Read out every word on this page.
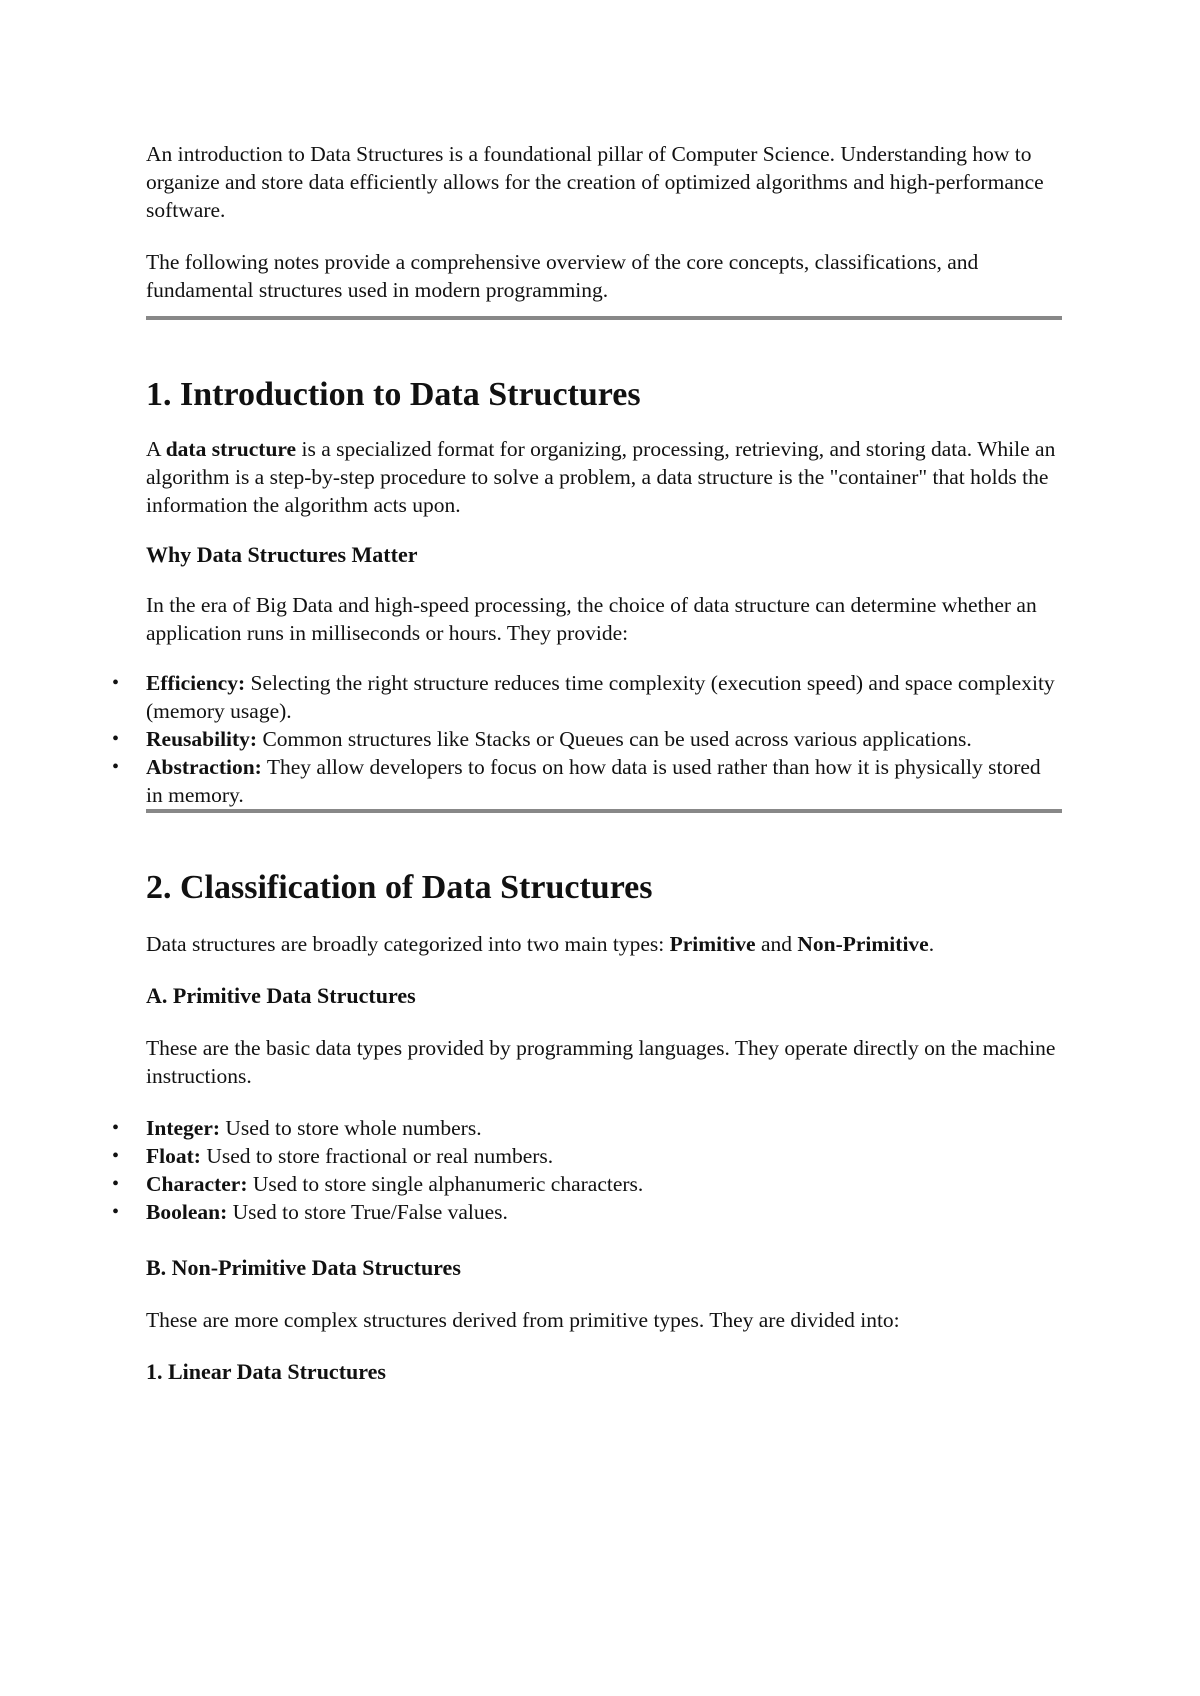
An introduction to Data Structures is a foundational pillar of Computer Science. Understanding how to organize and store data efficiently allows for the creation of optimized algorithms and high-performance software.

The following notes provide a comprehensive overview of the core concepts, classifications, and fundamental structures used in modern programming.

1. Introduction to Data Structures

A data structure is a specialized format for organizing, processing, retrieving, and storing data. While an algorithm is a step-by-step procedure to solve a problem, a data structure is the "container" that holds the information the algorithm acts upon.

Why Data Structures Matter

In the era of Big Data and high-speed processing, the choice of data structure can determine whether an application runs in milliseconds or hours. They provide:

• Efficiency: Selecting the right structure reduces time complexity (execution speed) and space complexity (memory usage).
• Reusability: Common structures like Stacks or Queues can be used across various applications.
• Abstraction: They allow developers to focus on how data is used rather than how it is physically stored in memory.
2. Classification of Data Structures

Data structures are broadly categorized into two main types: Primitive and Non-Primitive.

A. Primitive Data Structures

These are the basic data types provided by programming languages. They operate directly on the machine instructions.

• Integer: Used to store whole numbers.
• Float: Used to store fractional or real numbers.
• Character: Used to store single alphanumeric characters.
• Boolean: Used to store True/False values.
B. Non-Primitive Data Structures

These are more complex structures derived from primitive types. They are divided into:

1. Linear Data Structures
